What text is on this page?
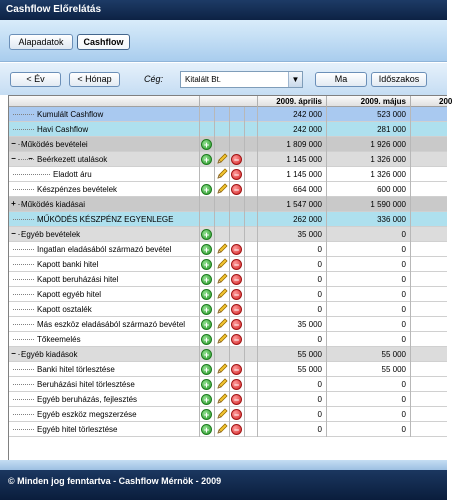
Cashflow Előrelátás
Alapadatok	Cashflow
< Év	< Hónap	Cég:	Kitalált Bt.	▼	Ma	Időszakos
2009. április	2009. május	200
Kumulált Cashflow	242 000	523 000
Havi Cashflow	242 000	281 000
− Működés bevételei	+	1 809 000	1 926 000
− − Beérkezett utalások	+	−	1 145 000	1 326 000
Eladott áru	−	1 145 000	1 326 000
Készpénzes bevételek	+	−	664 000	600 000
+ Működés kiadásai	1 547 000	1 590 000
MŰKÖDÉS KÉSZPÉNZ EGYENLEGE	262 000	336 000
− Egyéb bevételek	+	35 000	0
Ingatlan eladásából származó bevétel	+	−	0	0
Kapott banki hitel	+	−	0	0
Kapott beruházási hitel	+	−	0	0
Kapott egyéb hitel	+	−	0	0
Kapott osztalék	+	−	0	0
Más eszköz eladásából származó bevétel	+	−	35 000	0
Tőkeemelés	+	−	0	0
− Egyéb kiadások	+	55 000	55 000
Banki hitel törlesztése	+	−	55 000	55 000
Beruházási hitel törlesztése	+	−	0	0
Egyéb beruházás, fejlesztés	+	−	0	0
Egyéb eszköz megszerzése	+	−	0	0
Egyéb hitel törlesztése	+	−	0	0
© Minden jog fenntartva - Cashflow Mérnök - 2009
